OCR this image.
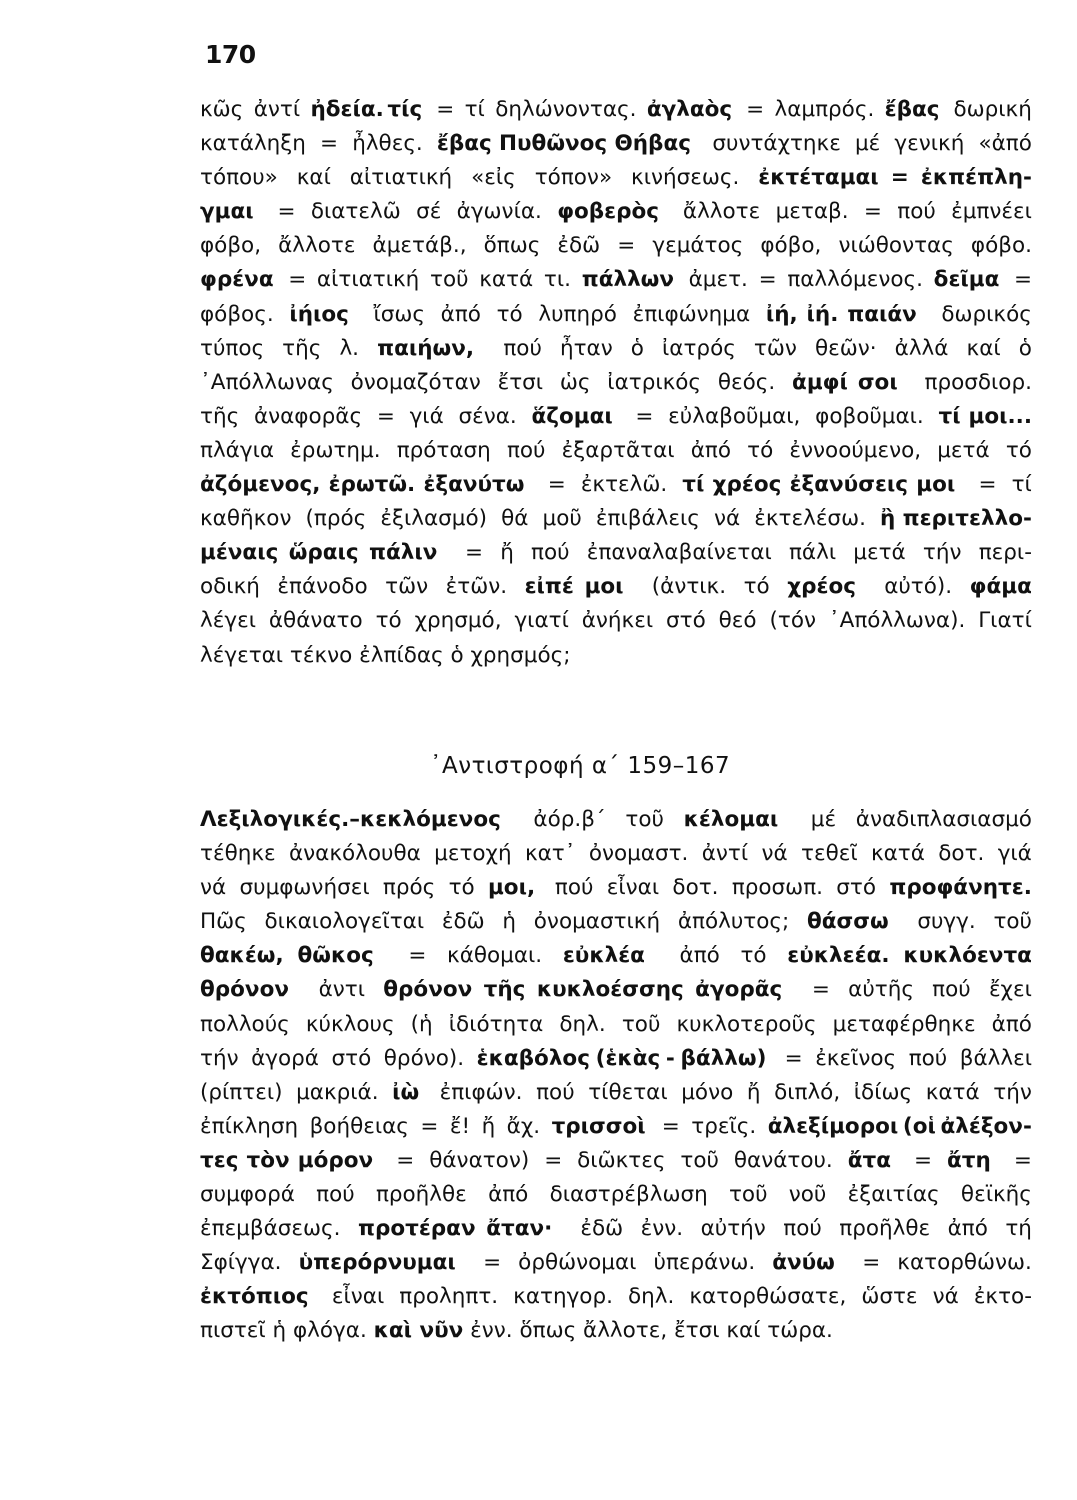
170
κῶς ἀντί ἠδεία. τίς
= τί δηλώνοντας. ἀγλαὸς
= λαμπρός. ἔβας
δωρική
κατάληξη = ἦλθες. ἔβας Πυθῶνος Θήβας
συντάχτηκε μέ γενική «ἀπό
τόπου» καί αἰτιατική «εἰς τόπον» κινήσεως. ἐκτέταμαι = ἐκπέπλη-
γμαι
= διατελῶ σέ ἀγωνία. φοβερὸς
ἄλλοτε μεταβ. = πού ἐμπνέει
φόβο, ἄλλοτε ἀμετάβ., ὅπως ἐδῶ = γεμάτος φόβο, νιώθοντας φόβο.
φρένα
= αἰτιατική τοῦ κατά τι. πάλλων
ἀμετ. = παλλόμενος. δεῖμα
=
φόβος. ἰήιος
ἴσως ἀπό τό λυπηρό ἐπιφώνημα ἰή, ἰή. παιάν
δωρικός
τύπος τῆς λ. παιήων,
πού ἦταν ὁ ἰατρός τῶν θεῶν· ἀλλά καί ὁ
᾿Απόλλωνας ὀνομαζόταν ἔτσι ὡς ἰατρικός θεός. ἀμφί σοι
προσδιορ.
τῆς ἀναφορᾶς = γιά σένα. ἅζομαι
= εὐλαβοῦμαι, φοβοῦμαι. τί μοι...
πλάγια ἐρωτημ. πρόταση πού ἐξαρτᾶται ἀπό τό ἐννοούμενο, μετά τό
ἀζόμενος, ἐρωτῶ. ἐξανύτω
= ἐκτελῶ. τί χρέος ἐξανύσεις μοι
= τί
καθῆκον (πρός ἐξιλασμό) θά μοῦ ἐπιβάλεις νά ἐκτελέσω. ἢ περιτελλο-
μέναις ὥραις πάλιν
= ἤ πού ἐπαναλαβαίνεται πάλι μετά τήν περι-
οδική ἐπάνοδο τῶν ἐτῶν. εἰπέ μοι
(ἀντικ. τό χρέος
αὐτό). φάμα
λέγει ἀθάνατο τό χρησμό, γιατί ἀνήκει στό θεό (τόν ᾿Απόλλωνα). Γιατί
λέγεται τέκνο ἐλπίδας ὁ χρησμός;
᾿Αντιστροφή α΄ 159–167
Λεξιλογικές.–κεκλόμενος
ἀόρ.β΄ τοῦ κέλομαι
μέ ἀναδιπλασιασμό
τέθηκε ἀνακόλουθα μετοχή κατ᾿ ὀνομαστ. ἀντί νά τεθεῖ κατά δοτ. γιά
νά συμφωνήσει πρός τό μοι,
πού εἶναι δοτ. προσωπ. στό προφάνητε.
Πῶς δικαιολογεῖται ἐδῶ ἡ ὀνομαστική ἀπόλυτος; θάσσω
συγγ. τοῦ
θακέω, θῶκος
= κάθομαι. εὐκλέα
ἀπό τό εὐκλεέα. κυκλόεντα
θρόνον
ἀντι θρόνον τῆς κυκλοέσσης ἀγορᾶς
= αὐτῆς πού ἔχει
πολλούς κύκλους (ἡ ἰδιότητα δηλ. τοῦ κυκλοτεροῦς μεταφέρθηκε ἀπό
τήν ἀγορά στό θρόνο). ἑκαβόλος (ἑκὰς - βάλλω)
= ἐκεῖνος πού βάλλει
(ρίπτει) μακριά. ἰὼ
ἐπιφών. πού τίθεται μόνο ἤ διπλό, ἰδίως κατά τήν
ἐπίκληση βοήθειας = ἔ! ἤ ἄχ. τρισσοὶ
= τρεῖς. ἀλεξίμοροι (οἱ ἀλέξον-
τες τὸν μόρον
= θάνατον) = διῶκτες τοῦ θανάτου. ἄτα
= ἄτη
=
συμφορά πού προῆλθε ἀπό διαστρέβλωση τοῦ νοῦ ἐξαιτίας θεϊκῆς
ἐπεμβάσεως. προτέραν ἄταν·
ἐδῶ ἐνν. αὐτήν πού προῆλθε ἀπό τή
Σφίγγα. ὑπερόρνυμαι
= ὀρθώνομαι ὑπεράνω. ἀνύω
= κατορθώνω.
ἐκτόπιος
εἶναι προληπτ. κατηγορ. δηλ. κατορθώσατε, ὥστε νά ἐκτο-
πιστεῖ ἡ φλόγα. καὶ νῦν ἐνν. ὅπως ἄλλοτε, ἔτσι καί τώρα.
